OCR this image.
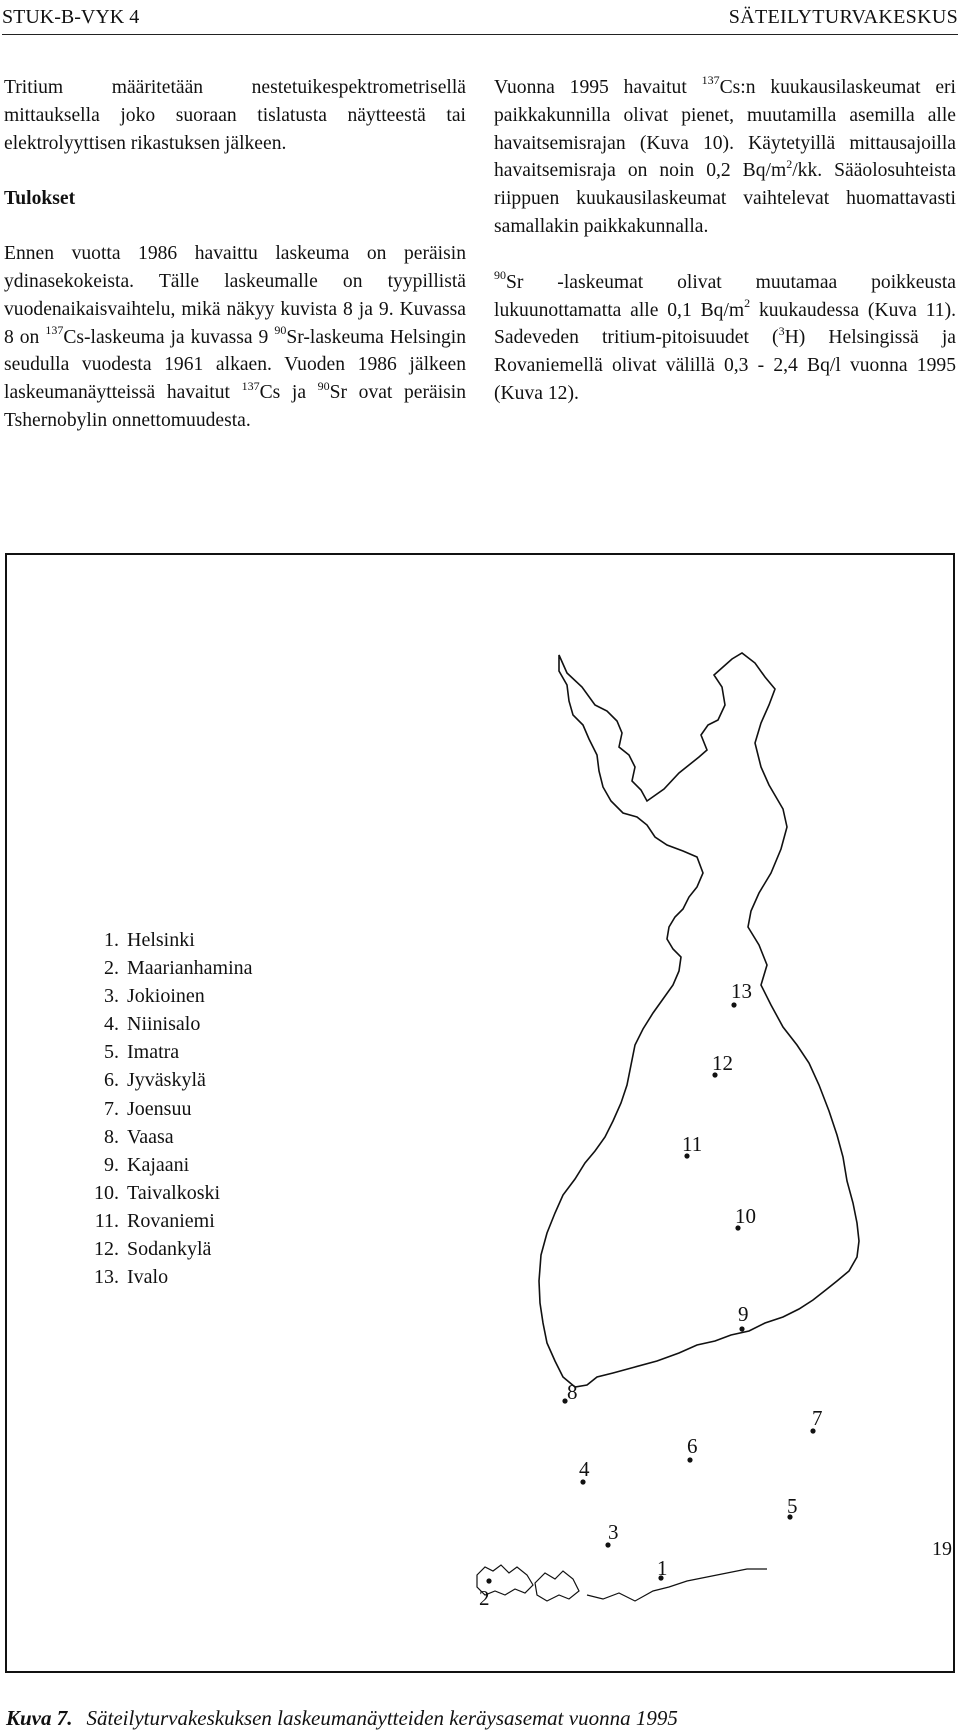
STUK-B-VYK 4	SÄTEILYTURVAKESKUS

Tritium määritetään nestetuikespektrometrisellä mittauksella joko suoraan tislatusta näytteestä tai elektrolyyttisen rikastuksen jälkeen.

Tulokset

Ennen vuotta 1986 havaittu laskeuma on peräisin ydinasekokeista. Tälle laskeumalle on tyypillistä vuodenaikaisvaihtelu, mikä näkyy kuvista 8 ja 9. Kuvassa 8 on $^{137}$Cs-laskeuma ja kuvassa 9 $^{90}$Sr-laskeuma Helsingin seudulla vuodesta 1961 alkaen. Vuoden 1986 jälkeen laskeumanäytteissä havaitut $^{137}$Cs ja $^{90}$Sr ovat peräisin Tshernobylin onnettomuudesta.

Vuonna 1995 havaitut $^{137}$Cs:n kuukausilaskeumat eri paikkakunnilla olivat pienet, muutamilla asemilla alle havaitsemisrajan (Kuva 10). Käytetyillä mittausajoilla havaitsemisraja on noin 0,2 $Bq/m^2/kk$. Sääolosuhteista riippuen kuukausilaskeumat vaihtelevat huomattavasti samallakin paikkakunnalla.

$^{90}$Sr -laskeumat olivat muutamaa poikkeusta lukuunottamatta alle 0,1 $Bq/m^2$ kuukaudessa (Kuva 11). Sadeveden tritium-pitoisuudet ($^3$H) Helsingissä ja Rovaniemellä olivat välillä 0,3 - 2,4 Bq/l vuonna 1995 (Kuva 12).

1
2
3
4
5
6
7
8
9
10
11
12
13
1. Helsinki
2. Maarianhamina
3. Jokioinen
4. Niinisalo
5. Imatra
6. Jyväskylä
7. Joensuu
8. Vaasa
9. Kajaani
10. Taivalkoski
11. Rovaniemi
12. Sodankylä
13. Ivalo
Kuva 7. Säteilyturvakeskuksen laskeumanäytteiden keräysasemat vuonna 1995
19
